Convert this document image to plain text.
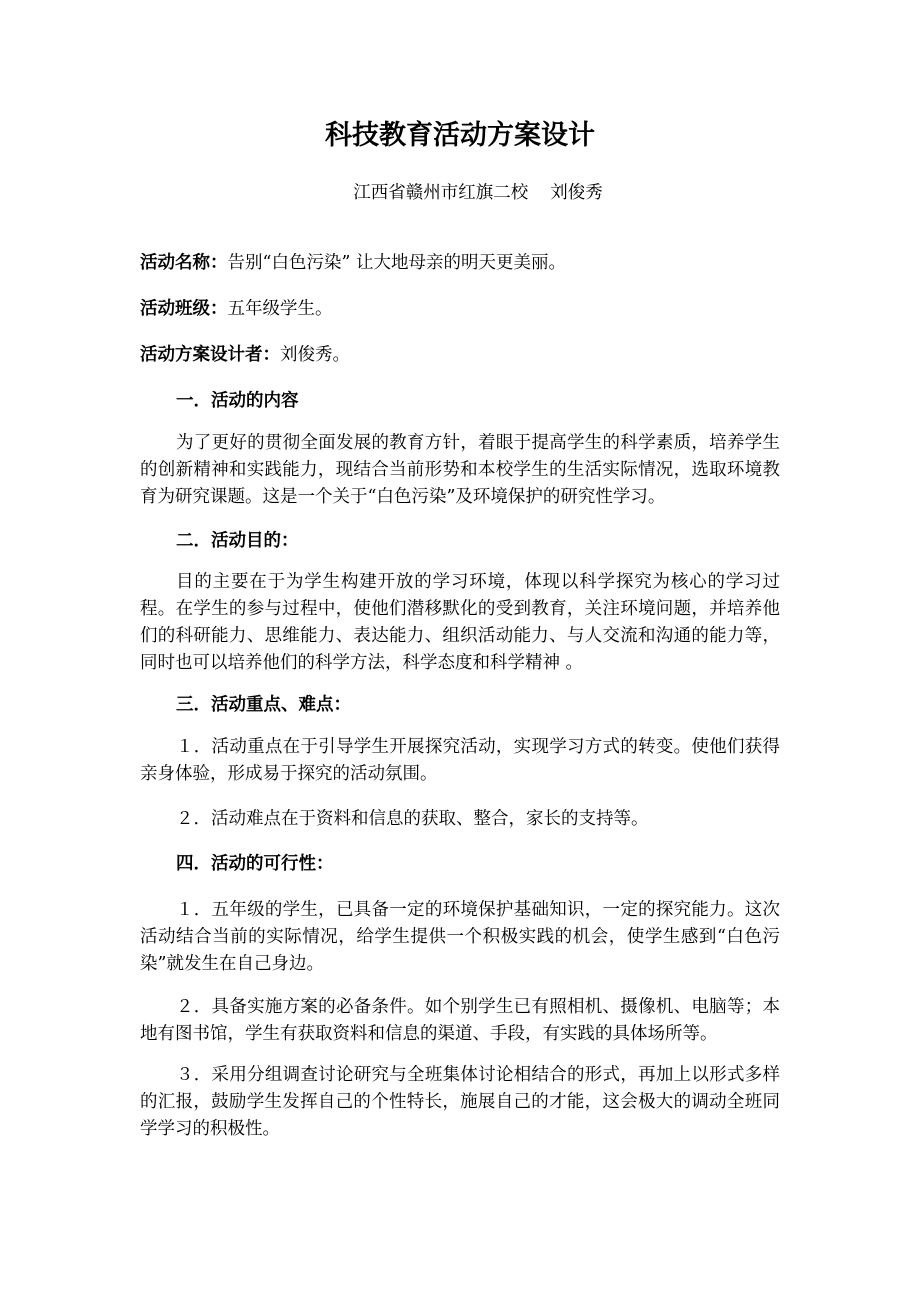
科技教育活动方案设计
江西省赣州市红旗二校 刘俊秀
活动名称：告别“白色污染” 让大地母亲的明天更美丽。
活动班级：五年级学生。
活动方案设计者：刘俊秀。
一．活动的内容

为了更好的贯彻全面发展的教育方针，着眼于提高学生的科学素质，培养学生的创新精神和实践能力，现结合当前形势和本校学生的生活实际情况，选取环境教育为研究课题。这是一个关于“白色污染”及环境保护的研究性学习。

二．活动目的：

目的主要在于为学生构建开放的学习环境，体现以科学探究为核心的学习过程。在学生的参与过程中，使他们潜移默化的受到教育，关注环境问题，并培养他们的科研能力、思维能力、表达能力、组织活动能力、与人交流和沟通的能力等，同时也可以培养他们的科学方法，科学态度和科学精神 。

三．活动重点、难点：

１．活动重点在于引导学生开展探究活动，实现学习方式的转变。使他们获得亲身体验，形成易于探究的活动氛围。

２．活动难点在于资料和信息的获取、整合，家长的支持等。

四．活动的可行性：

１．五年级的学生，已具备一定的环境保护基础知识，一定的探究能力。这次活动结合当前的实际情况，给学生提供一个积极实践的机会，使学生感到“白色污染”就发生在自己身边。

２．具备实施方案的必备条件。如个别学生已有照相机、摄像机、电脑等；本地有图书馆，学生有获取资料和信息的渠道、手段，有实践的具体场所等。

３．采用分组调查讨论研究与全班集体讨论相结合的形式，再加上以形式多样的汇报，鼓励学生发挥自己的个性特长，施展自己的才能，这会极大的调动全班同学学习的积极性。
